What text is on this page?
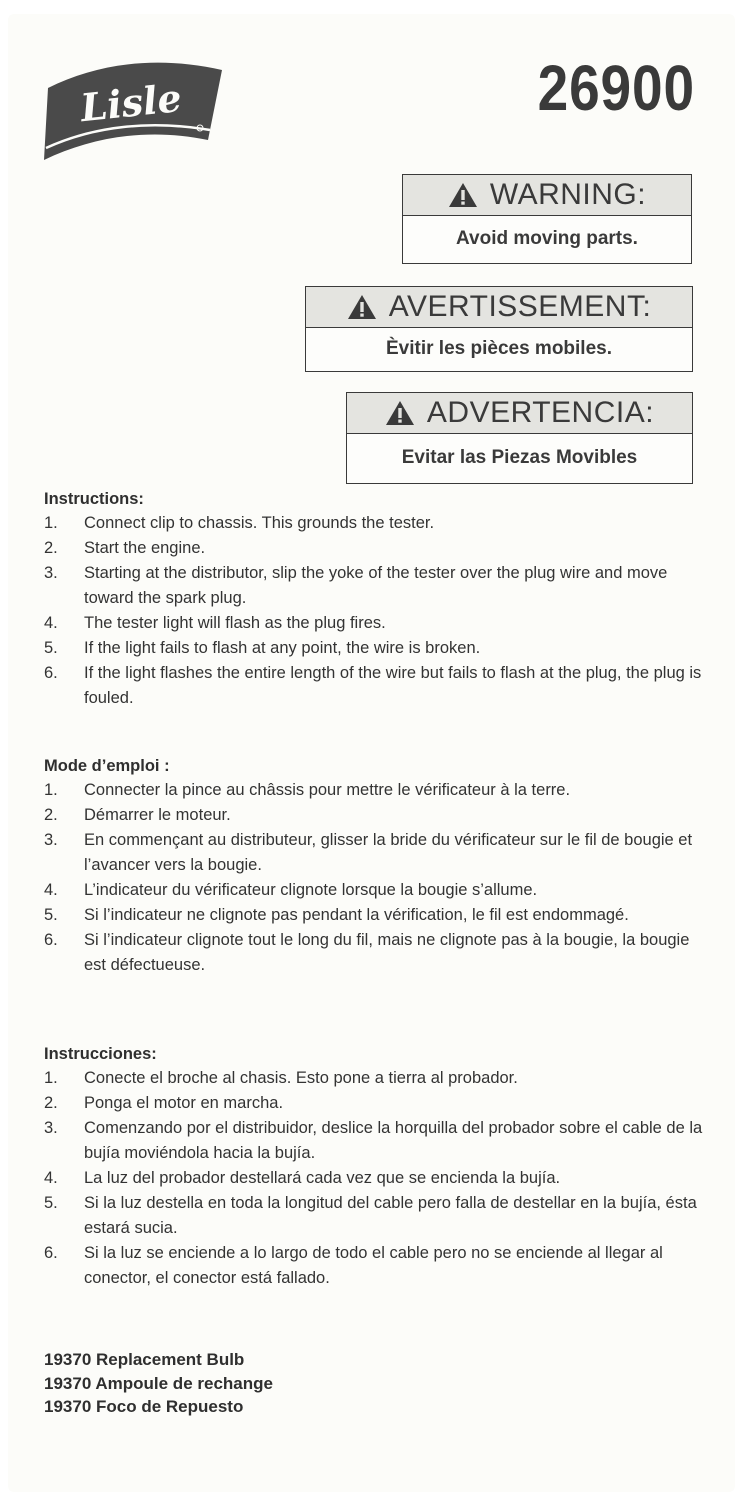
Lisle	26900
WARNING:
Avoid moving parts.
AVERTISSEMENT:
Èvitir les pièces mobiles.
ADVERTENCIA:
Evitar las Piezas Movibles
Instructions:
1.	Connect clip to chassis. This grounds the tester.
2.	Start the engine.
3.	Starting at the distributor, slip the yoke of the tester over the plug wire and move toward the spark plug.
4.	The tester light will flash as the plug fires.
5.	If the light fails to flash at any point, the wire is broken.
6.	If the light flashes the entire length of the wire but fails to flash at the plug, the plug is fouled.
Mode d’emploi :
1.	Connecter la pince au châssis pour mettre le vérificateur à la terre.
2.	Démarrer le moteur.
3.	En commençant au distributeur, glisser la bride du vérificateur sur le fil de bougie et l’avancer vers la bougie.
4.	L’indicateur du vérificateur clignote lorsque la bougie s’allume.
5.	Si l’indicateur ne clignote pas pendant la vérification, le fil est endommagé.
6.	Si l’indicateur clignote tout le long du fil, mais ne clignote pas à la bougie, la bougie est défectueuse.
Instrucciones:
1.	Conecte el broche al chasis. Esto pone a tierra al probador.
2.	Ponga el motor en marcha.
3.	Comenzando por el distribuidor, deslice la horquilla del probador sobre el cable de la bujía moviéndola hacia la bujía.
4.	La luz del probador destellará cada vez que se encienda la bujía.
5.	Si la luz destella en toda la longitud del cable pero falla de destellar en la bujía, ésta estará sucia.
6.	Si la luz se enciende a lo largo de todo el cable pero no se enciende al llegar al conector, el conector está fallado.
19370 Replacement Bulb
19370 Ampoule de rechange
19370 Foco de Repuesto
